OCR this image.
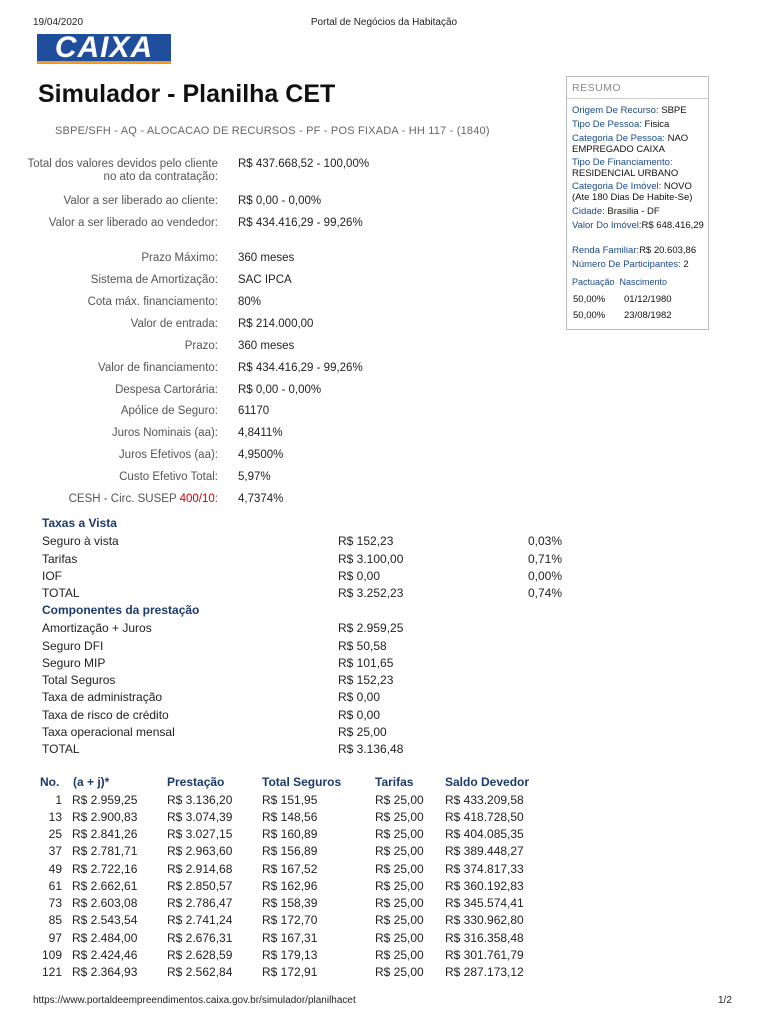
19/04/2020	Portal de Negócios da Habitação
CAIXA
Simulador - Planilha CET
SBPE/SFH - AQ - ALOCACAO DE RECURSOS - PF - POS FIXADA - HH 117 - (1840)
Total dos valores devidos pelo cliente no ato da contratação:
R$ 437.668,52 - 100,00%
Valor a ser liberado ao cliente: R$ 0,00 - 0,00%
Valor a ser liberado ao vendedor: R$ 434.416,29 - 99,26%
Prazo Máximo: 360 meses
Sistema de Amortização: SAC IPCA
Cota máx. financiamento: 80%
Valor de entrada: R$ 214.000,00
Prazo: 360 meses
Valor de financiamento: R$ 434.416,29 - 99,26%
Despesa Cartorária: R$ 0,00 - 0,00%
Apólice de Seguro: 61170
Juros Nominais (aa): 4,8411%
Juros Efetivos (aa): 4,9500%
Custo Efetivo Total: 5,97%
CESH - Circ. SUSEP 400/10: 4,7374%
Taxas a Vista
Seguro à vista	R$ 152,23	0,03%
Tarifas	R$ 3.100,00	0,71%
IOF	R$ 0,00	0,00%
TOTAL	R$ 3.252,23	0,74%
Componentes da prestação
Amortização + Juros	R$ 2.959,25
Seguro DFI	R$ 50,58
Seguro MIP	R$ 101,65
Total Seguros	R$ 152,23
Taxa de administração	R$ 0,00
Taxa de risco de crédito	R$ 0,00
Taxa operacional mensal	R$ 25,00
TOTAL	R$ 3.136,48
No. (a + j)*	Prestação	Total Seguros	Tarifas	Saldo Devedor
1 R$ 2.959,25 R$ 3.136,20 R$ 151,95	R$ 25,00 R$ 433.209,58
13 R$ 2.900,83 R$ 3.074,39 R$ 148,56	R$ 25,00 R$ 418.728,50
25 R$ 2.841,26 R$ 3.027,15 R$ 160,89	R$ 25,00 R$ 404.085,35
37 R$ 2.781,71 R$ 2.963,60 R$ 156,89	R$ 25,00 R$ 389.448,27
49 R$ 2.722,16 R$ 2.914,68 R$ 167,52	R$ 25,00 R$ 374.817,33
61 R$ 2.662,61 R$ 2.850,57 R$ 162,96	R$ 25,00 R$ 360.192,83
73 R$ 2.603,08 R$ 2.786,47 R$ 158,39	R$ 25,00 R$ 345.574,41
85 R$ 2.543,54 R$ 2.741,24 R$ 172,70	R$ 25,00 R$ 330.962,80
97 R$ 2.484,00 R$ 2.676,31 R$ 167,31	R$ 25,00 R$ 316.358,48
109 R$ 2.424,46 R$ 2.628,59 R$ 179,13	R$ 25,00 R$ 301.761,79
121 R$ 2.364,93 R$ 2.562,84 R$ 172,91	R$ 25,00 R$ 287.173,12
RESUMO
Origem De Recurso: SBPE
Tipo De Pessoa: Fisica
Categoria De Pessoa: NAO EMPREGADO CAIXA
Tipo De Financiamento: RESIDENCIAL URBANO
Categoria De Imóvel: NOVO (Ate 180 Dias De Habite-Se)
Cidade: Brasilia - DF
Valor Do Imóvel:R$ 648.416,29
Renda Familiar:R$ 20.603,86
Número De Participantes: 2
Pactuação Nascimento
50,00% 01/12/1980
50,00% 23/08/1982
https://www.portaldeempreendimentos.caixa.gov.br/simulador/planilhacet	1/2
